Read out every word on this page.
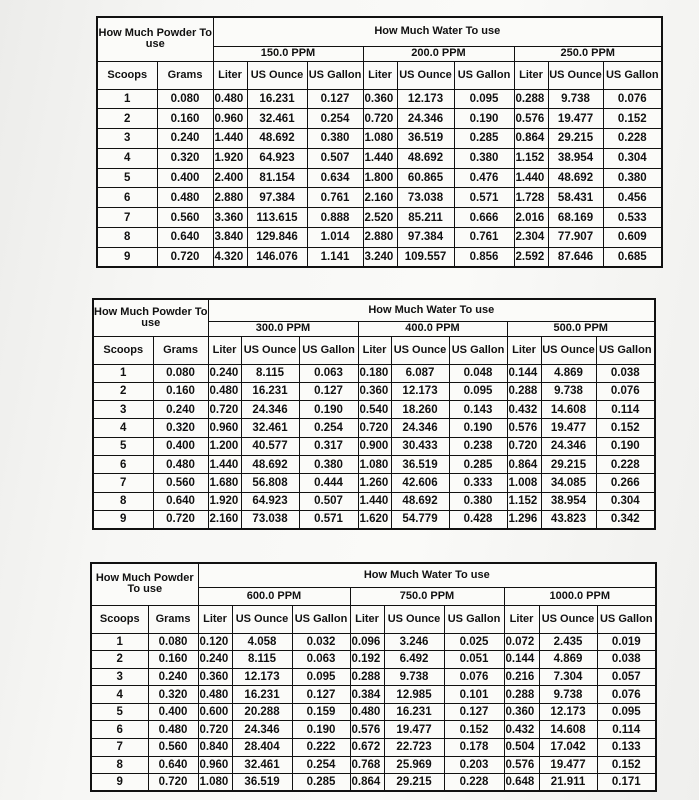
How Much Powder To use		How Much Water To use								
		150.0 PPM			200.0 PPM			250.0 PPM		
Scoops	Grams	Liter	US Ounce	US Gallon	Liter	US Ounce	US Gallon	Liter	US Ounce	US Gallon
1	0.080	0.480	16.231	0.127	0.360	12.173	0.095	0.288	9.738	0.076
2	0.160	0.960	32.461	0.254	0.720	24.346	0.190	0.576	19.477	0.152
3	0.240	1.440	48.692	0.380	1.080	36.519	0.285	0.864	29.215	0.228
4	0.320	1.920	64.923	0.507	1.440	48.692	0.380	1.152	38.954	0.304
5	0.400	2.400	81.154	0.634	1.800	60.865	0.476	1.440	48.692	0.380
6	0.480	2.880	97.384	0.761	2.160	73.038	0.571	1.728	58.431	0.456
7	0.560	3.360	113.615	0.888	2.520	85.211	0.666	2.016	68.169	0.533
8	0.640	3.840	129.846	1.014	2.880	97.384	0.761	2.304	77.907	0.609
9	0.720	4.320	146.076	1.141	3.240	109.557	0.856	2.592	87.646	0.685
How Much Powder To use		How Much Water To use								
		300.0 PPM			400.0 PPM			500.0 PPM		
Scoops	Grams	Liter	US Ounce	US Gallon	Liter	US Ounce	US Gallon	Liter	US Ounce	US Gallon
1	0.080	0.240	8.115	0.063	0.180	6.087	0.048	0.144	4.869	0.038
2	0.160	0.480	16.231	0.127	0.360	12.173	0.095	0.288	9.738	0.076
3	0.240	0.720	24.346	0.190	0.540	18.260	0.143	0.432	14.608	0.114
4	0.320	0.960	32.461	0.254	0.720	24.346	0.190	0.576	19.477	0.152
5	0.400	1.200	40.577	0.317	0.900	30.433	0.238	0.720	24.346	0.190
6	0.480	1.440	48.692	0.380	1.080	36.519	0.285	0.864	29.215	0.228
7	0.560	1.680	56.808	0.444	1.260	42.606	0.333	1.008	34.085	0.266
8	0.640	1.920	64.923	0.507	1.440	48.692	0.380	1.152	38.954	0.304
9	0.720	2.160	73.038	0.571	1.620	54.779	0.428	1.296	43.823	0.342
How Much Powder To use		How Much Water To use								
		600.0 PPM			750.0 PPM			1000.0 PPM		
Scoops	Grams	Liter	US Ounce	US Gallon	Liter	US Ounce	US Gallon	Liter	US Ounce	US Gallon
1	0.080	0.120	4.058	0.032	0.096	3.246	0.025	0.072	2.435	0.019
2	0.160	0.240	8.115	0.063	0.192	6.492	0.051	0.144	4.869	0.038
3	0.240	0.360	12.173	0.095	0.288	9.738	0.076	0.216	7.304	0.057
4	0.320	0.480	16.231	0.127	0.384	12.985	0.101	0.288	9.738	0.076
5	0.400	0.600	20.288	0.159	0.480	16.231	0.127	0.360	12.173	0.095
6	0.480	0.720	24.346	0.190	0.576	19.477	0.152	0.432	14.608	0.114
7	0.560	0.840	28.404	0.222	0.672	22.723	0.178	0.504	17.042	0.133
8	0.640	0.960	32.461	0.254	0.768	25.969	0.203	0.576	19.477	0.152
9	0.720	1.080	36.519	0.285	0.864	29.215	0.228	0.648	21.911	0.171
